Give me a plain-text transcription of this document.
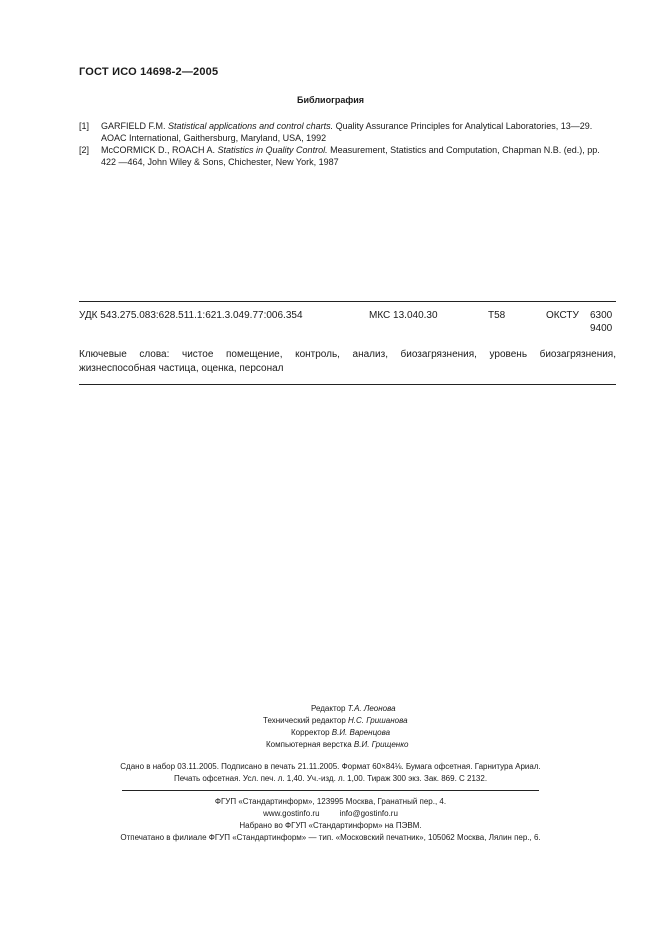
ГОСТ ИСО 14698-2—2005
Библиография
[1] GARFIELD F.M. Statistical applications and control charts. Quality Assurance Principles for Analytical Laboratories, 13—29. AOAC International, Gaithersburg, Maryland, USA, 1992
[2] McCORMICK D., ROACH A. Statistics in Quality Control. Measurement, Statistics and Computation, Chapman N.B. (ed.), pp. 422 —464, John Wiley & Sons, Chichester, New York, 1987
УДК 543.275.083:628.511.1:621.3.049.77:006.354	МКС 13.040.30	Т58	ОКСТУ 6300
9400
Ключевые слова: чистое помещение, контроль, анализ, биозагрязнения, уровень биозагрязнения, жизнеспособная частица, оценка, персонал
Редактор Т.А. Леонова
Технический редактор Н.С. Гришанова
Корректор В.И. Варенцова
Компьютерная верстка В.И. Грищенко
Сдано в набор 03.11.2005. Подписано в печать 21.11.2005. Формат 60×84⅛. Бумага офсетная. Гарнитура Ариал.
Печать офсетная. Усл. печ. л. 1,40. Уч.-изд. л. 1,00. Тираж 300 экз. Зак. 869. С 2132.
ФГУП «Стандартинформ», 123995 Москва, Гранатный пер., 4.
www.gostinfo.ru	info@gostinfo.ru
Набрано во ФГУП «Стандартинформ» на ПЭВМ.
Отпечатано в филиале ФГУП «Стандартинформ» — тип. «Московский печатник», 105062 Москва, Лялин пер., 6.
